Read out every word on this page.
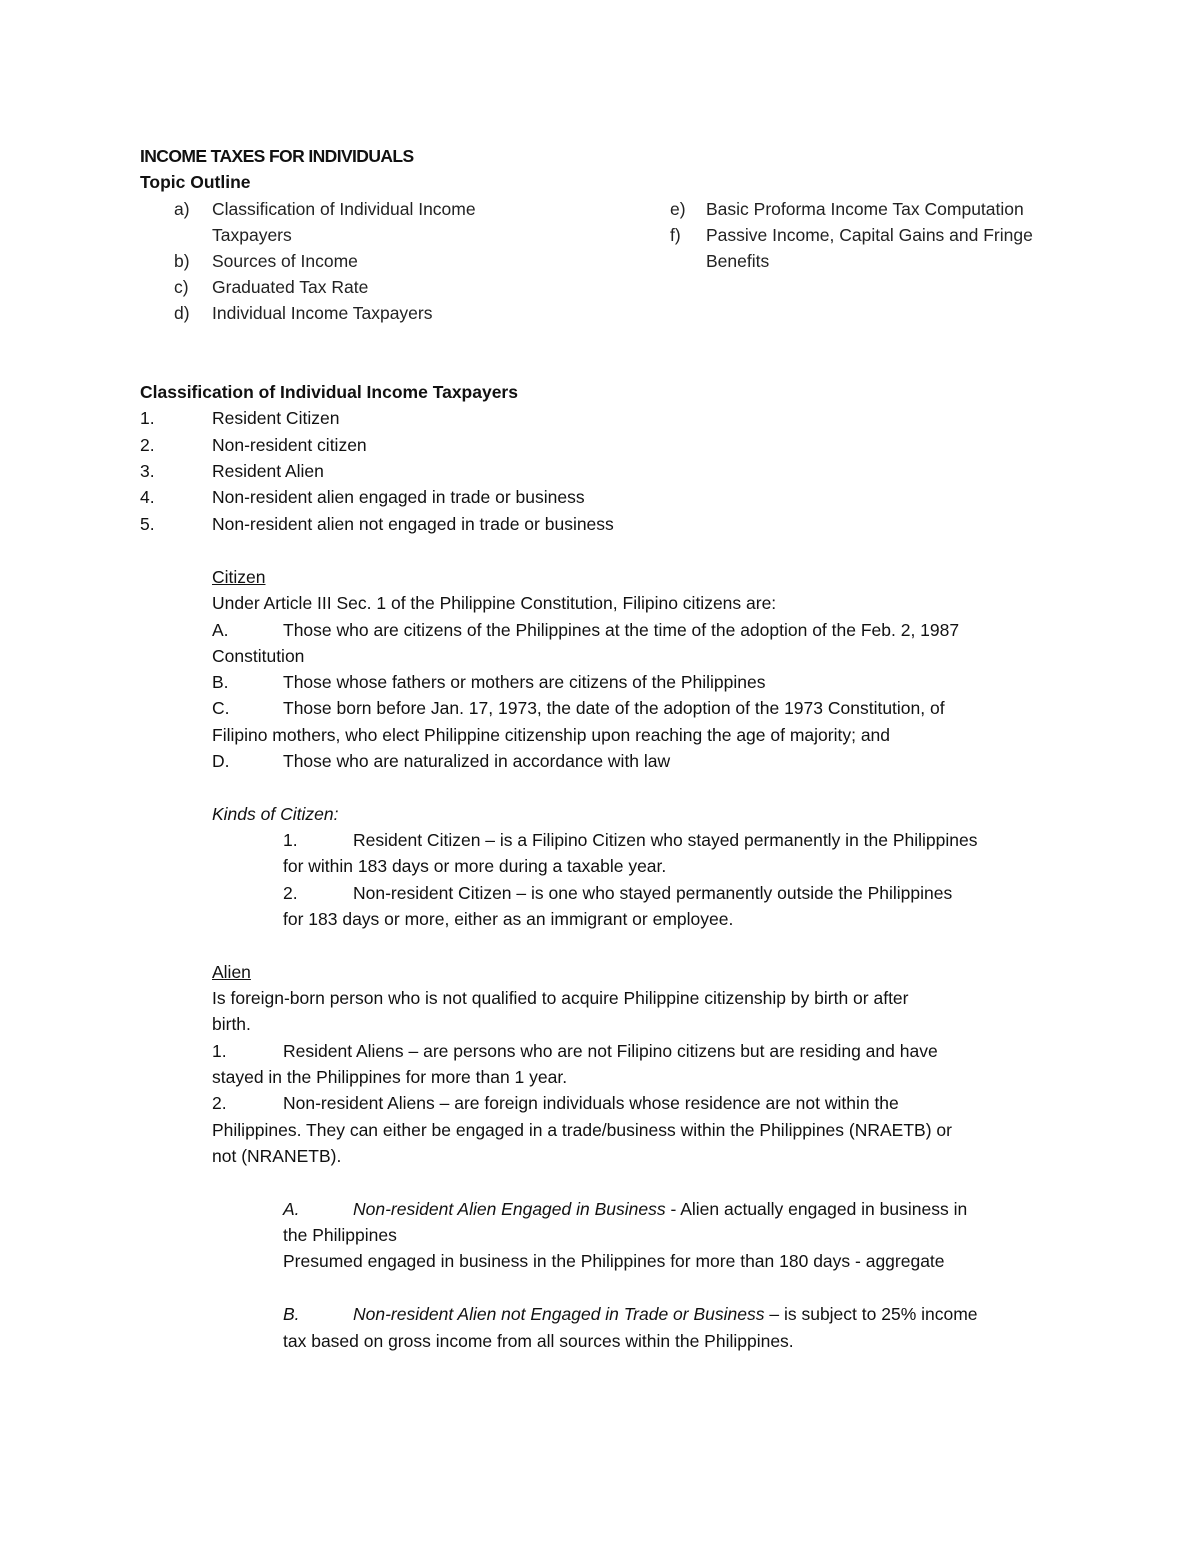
INCOME TAXES FOR INDIVIDUALS
Topic Outline
a) Classification of Individual Income
Taxpayers
b) Sources of Income
c) Graduated Tax Rate
d) Individual Income Taxpayers
e) Basic Proforma Income Tax Computation
f) Passive Income, Capital Gains and Fringe
Benefits
Classification of Individual Income Taxpayers
1.	Resident Citizen
2.	Non-resident citizen
3.	Resident Alien
4.	Non-resident alien engaged in trade or business
5.	Non-resident alien not engaged in trade or business
Citizen
Under Article III Sec. 1 of the Philippine Constitution, Filipino citizens are:
A.	Those who are citizens of the Philippines at the time of the adoption of the Feb. 2, 1987
Constitution
B.	Those whose fathers or mothers are citizens of the Philippines
C.	Those born before Jan. 17, 1973, the date of the adoption of the 1973 Constitution, of
Filipino mothers, who elect Philippine citizenship upon reaching the age of majority; and
D.	Those who are naturalized in accordance with law
Kinds of Citizen:
1.	Resident Citizen – is a Filipino Citizen who stayed permanently in the Philippines
for within 183 days or more during a taxable year.
2.	Non-resident Citizen – is one who stayed permanently outside the Philippines
for 183 days or more, either as an immigrant or employee.
Alien
Is foreign-born person who is not qualified to acquire Philippine citizenship by birth or after
birth.
1.	Resident Aliens – are persons who are not Filipino citizens but are residing and have
stayed in the Philippines for more than 1 year.
2.	Non-resident Aliens – are foreign individuals whose residence are not within the
Philippines. They can either be engaged in a trade/business within the Philippines (NRAETB) or
not (NRANETB).
A.	Non-resident Alien Engaged in Business - Alien actually engaged in business in
the Philippines
Presumed engaged in business in the Philippines for more than 180 days - aggregate
B.	Non-resident Alien not Engaged in Trade or Business – is subject to 25% income
tax based on gross income from all sources within the Philippines.
